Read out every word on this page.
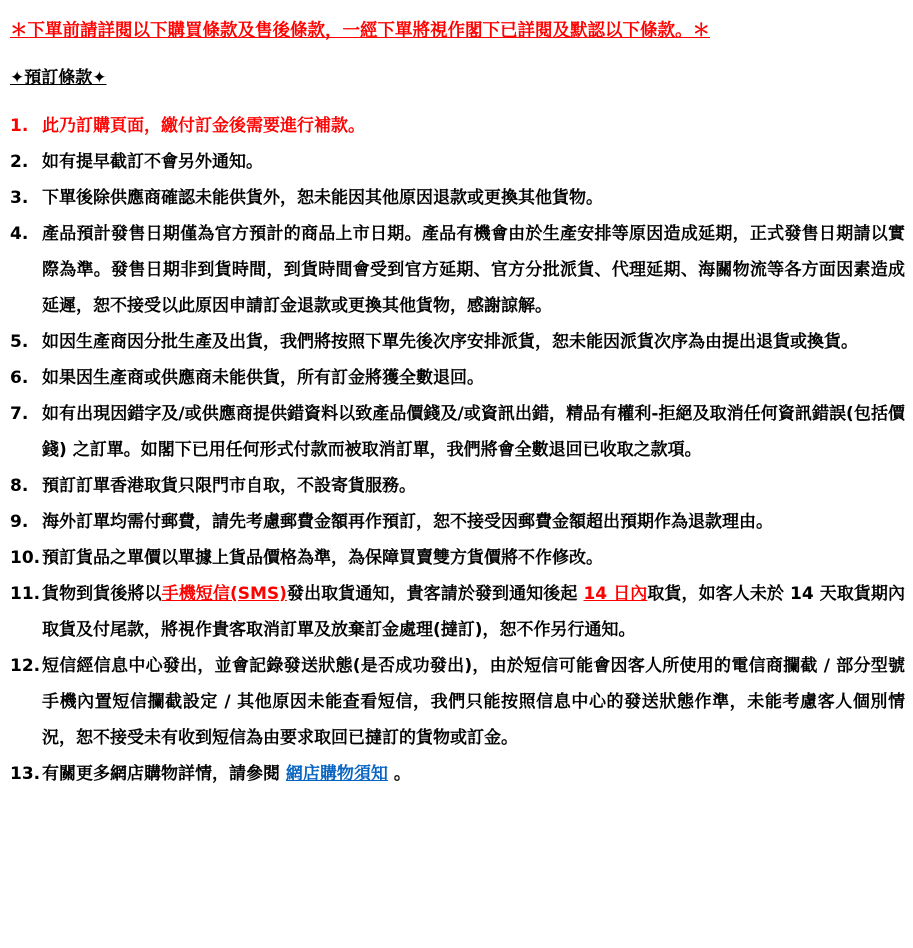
＊下單前請詳閱以下購買條款及售後條款，一經下單將視作閣下已詳閱及默認以下條款。＊
✦預訂條款✦
1. 此乃訂購頁面，繳付訂金後需要進行補款。
2. 如有提早截訂不會另外通知。
3. 下單後除供應商確認未能供貨外，恕未能因其他原因退款或更換其他貨物。
4. 產品預計發售日期僅為官方預計的商品上市日期。產品有機會由於生產安排等原因造成延期，正式發售日期請以實際為準。發售日期非到貨時間，到貨時間會受到官方延期、官方分批派貨、代理延期、海關物流等各方面因素造成延遲，恕不接受以此原因申請訂金退款或更換其他貨物，感謝諒解。
5. 如因生產商因分批生產及出貨，我們將按照下單先後次序安排派貨，恕未能因派貨次序為由提出退貨或換貨。
6. 如果因生產商或供應商未能供貨，所有訂金將獲全數退回。
7. 如有出現因錯字及/或供應商提供錯資料以致產品價錢及/或資訊出錯，精品有權利-拒絕及取消任何資訊錯誤(包括價錢) 之訂單。如閣下已用任何形式付款而被取消訂單，我們將會全數退回已收取之款項。
8. 預訂訂單香港取貨只限門市自取，不設寄貨服務。
9. 海外訂單均需付郵費，請先考慮郵費金額再作預訂，恕不接受因郵費金額超出預期作為退款理由。
10. 預訂貨品之單價以單據上貨品價格為準，為保障買賣雙方貨價將不作修改。
11. 貨物到貨後將以手機短信(SMS)發出取貨通知，貴客請於發到通知後起 14 日內取貨，如客人未於 14 天取貨期內取貨及付尾款，將視作貴客取消訂單及放棄訂金處理(撻訂)，恕不作另行通知。
12. 短信經信息中心發出，並會記錄發送狀態(是否成功發出)，由於短信可能會因客人所使用的電信商攔截 / 部分型號手機內置短信攔截設定 / 其他原因未能查看短信，我們只能按照信息中心的發送狀態作準，未能考慮客人個別情況，恕不接受未有收到短信為由要求取回已撻訂的貨物或訂金。
13. 有關更多網店購物詳情，請參閱 網店購物須知 。
